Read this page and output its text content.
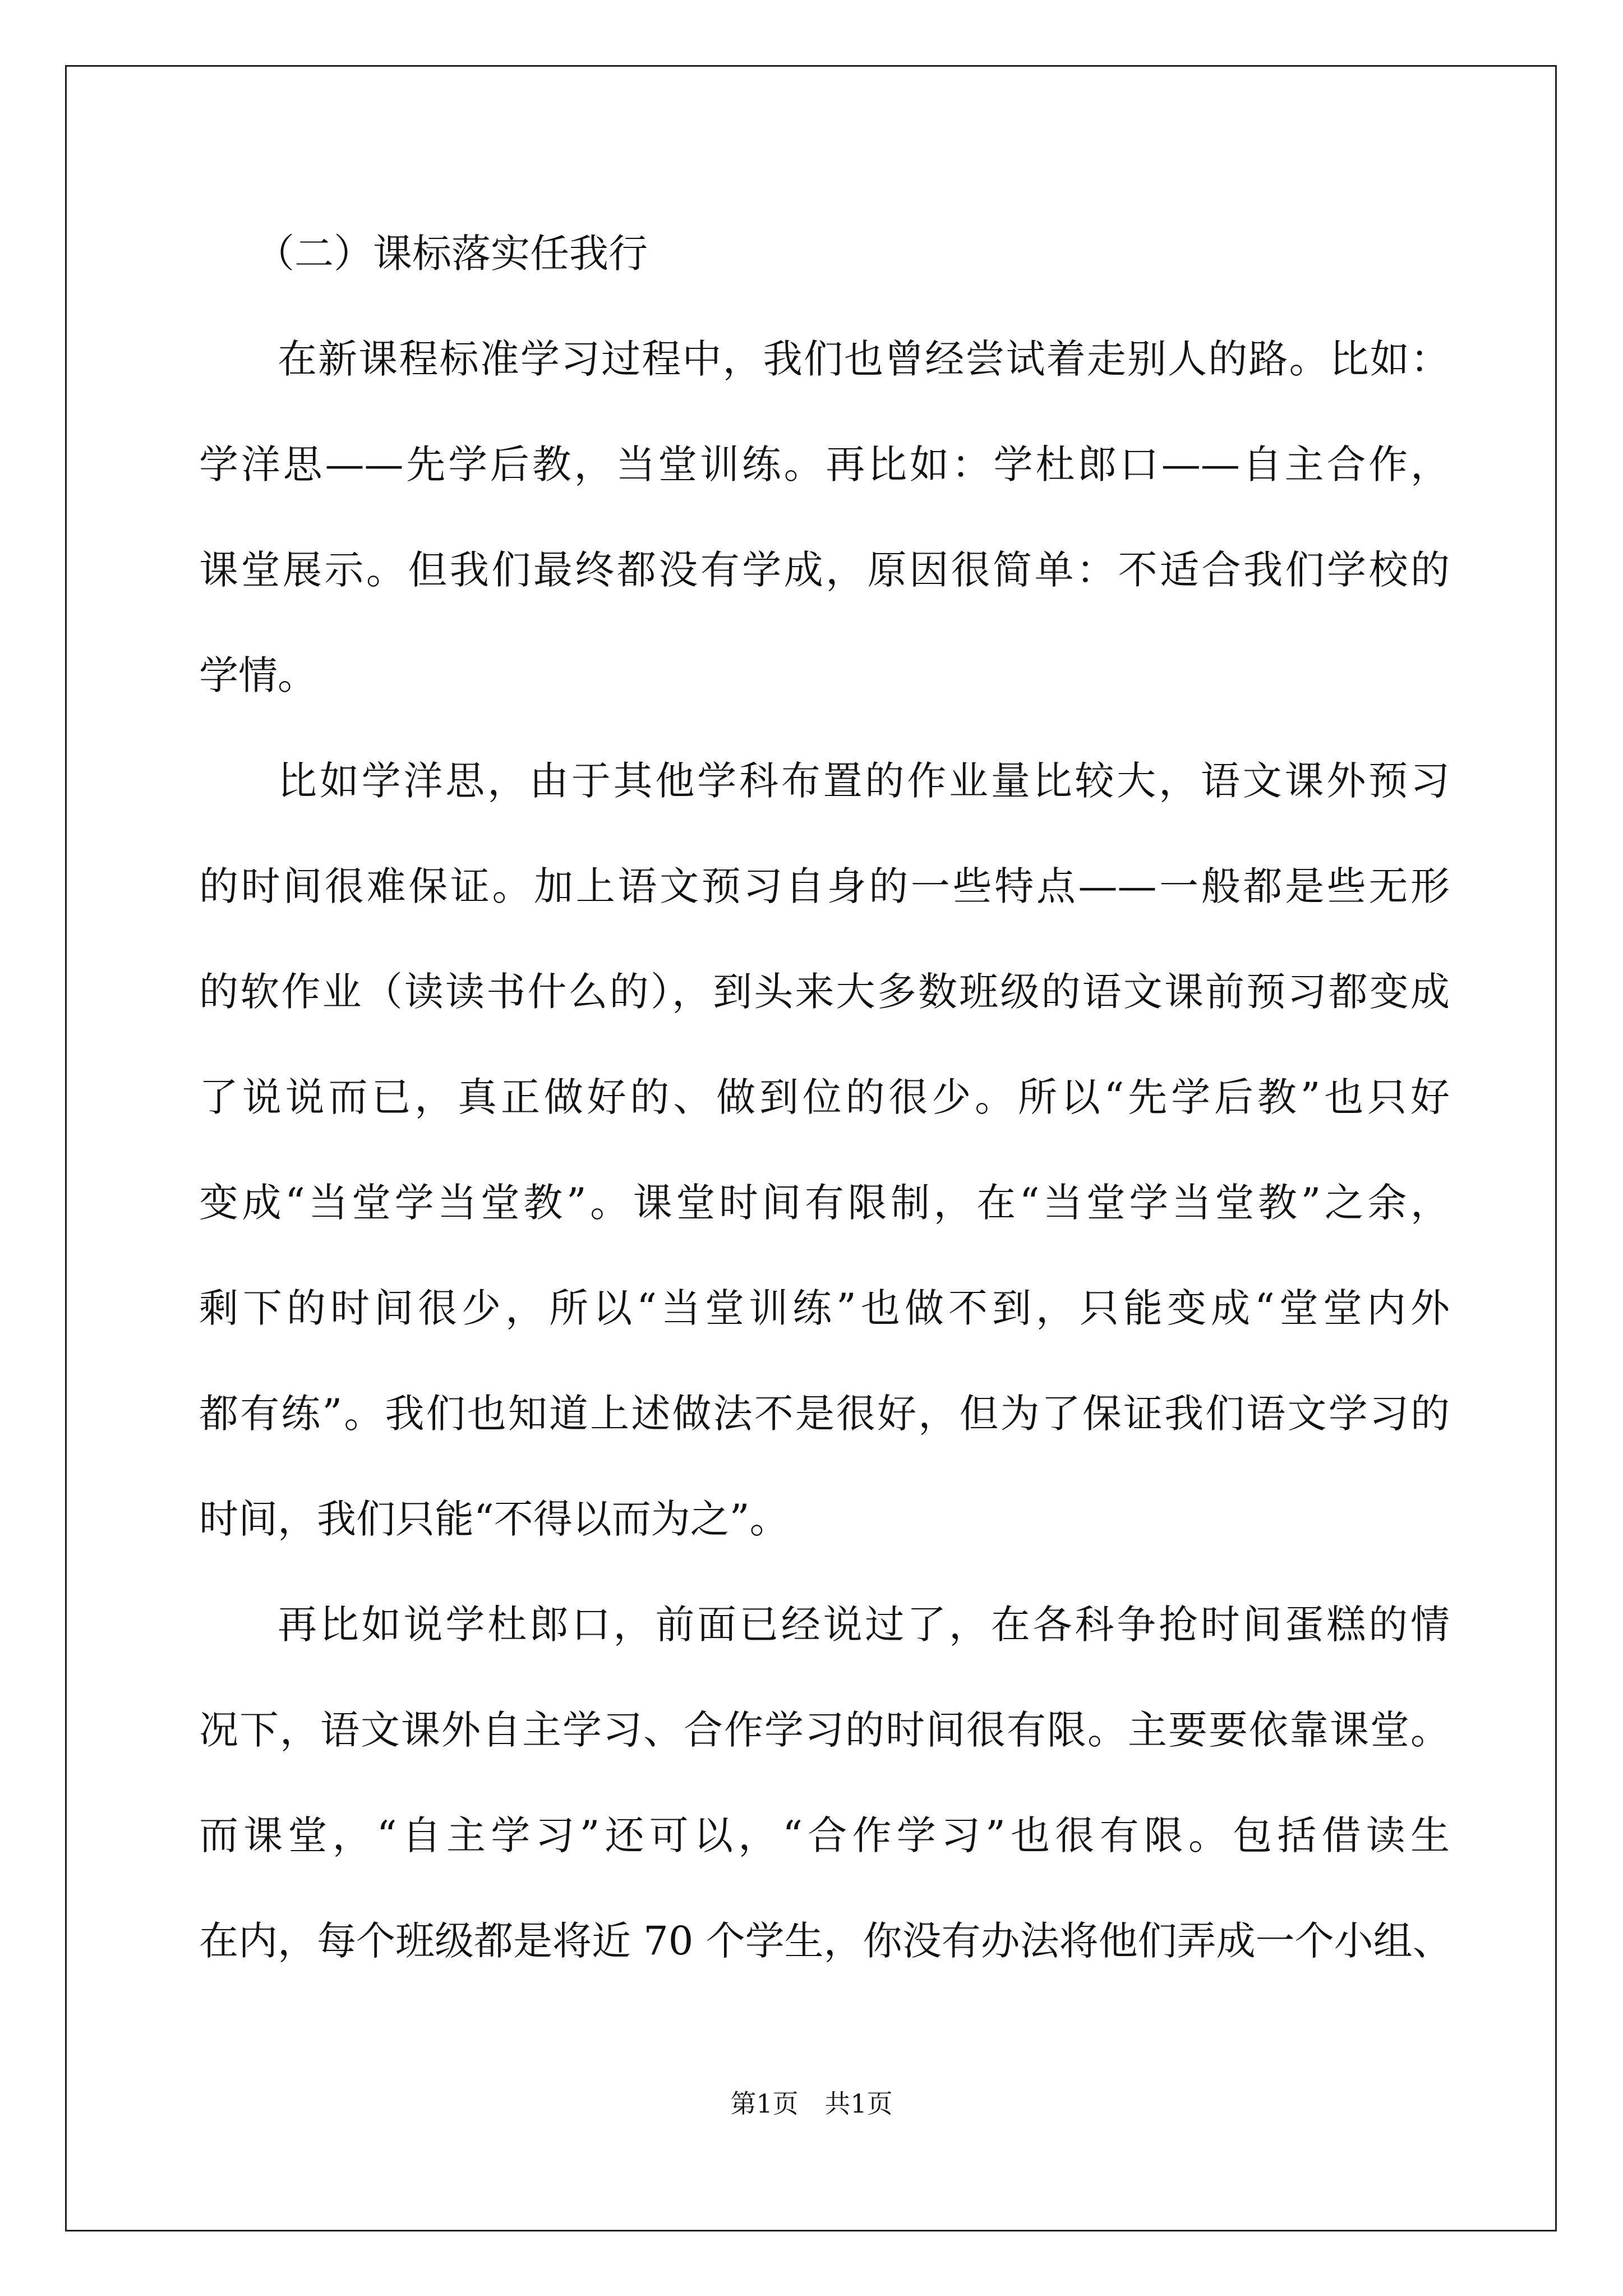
（二）课标落实任我行
在新课程标准学习过程中，我们也曾经尝试着走别人的路。比如：
学洋思——先学后教，当堂训练。再比如：学杜郎口——自主合作，
课堂展示。但我们最终都没有学成，原因很简单：不适合我们学校的
学情。
比如学洋思，由于其他学科布置的作业量比较大，语文课外预习
的时间很难保证。加上语文预习自身的一些特点——一般都是些无形
的软作业（读读书什么的），到头来大多数班级的语文课前预习都变成
了说说而已，真正做好的、做到位的很少。所以“先学后教”也只好
变成“当堂学当堂教”。课堂时间有限制，在“当堂学当堂教”之余，
剩下的时间很少，所以“当堂训练”也做不到，只能变成“堂堂内外
都有练”。我们也知道上述做法不是很好，但为了保证我们语文学习的
时间，我们只能“不得以而为之”。
再比如说学杜郎口，前面已经说过了，在各科争抢时间蛋糕的情
况下，语文课外自主学习、合作学习的时间很有限。主要要依靠课堂。
而课堂，“自主学习”还可以，“合作学习”也很有限。包括借读生
在内，每个班级都是将近 70 个学生，你没有办法将他们弄成一个小组、
第1页 共1页
